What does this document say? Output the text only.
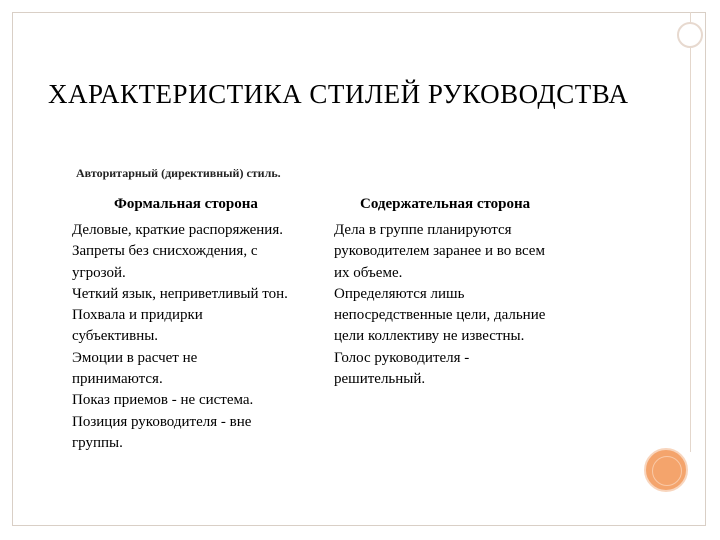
ХАРАКТЕРИСТИКА СТИЛЕЙ РУКОВОДСТВА
Авторитарный (директивный) стиль.
Формальная сторона	Содержательная сторона
Деловые, краткие распоряжения.
Запреты без снисхождения, с
угрозой.
Четкий язык, неприветливый тон.
Похвала и придирки
субъективны.
Эмоции в расчет не
принимаются.
Показ приемов - не система.
Позиция руководителя - вне
группы.
Дела в группе планируются
руководителем заранее и во всем
их объеме.
Определяются лишь
непосредственные цели, дальние
цели коллективу не известны.
Голос руководителя -
решительный.
